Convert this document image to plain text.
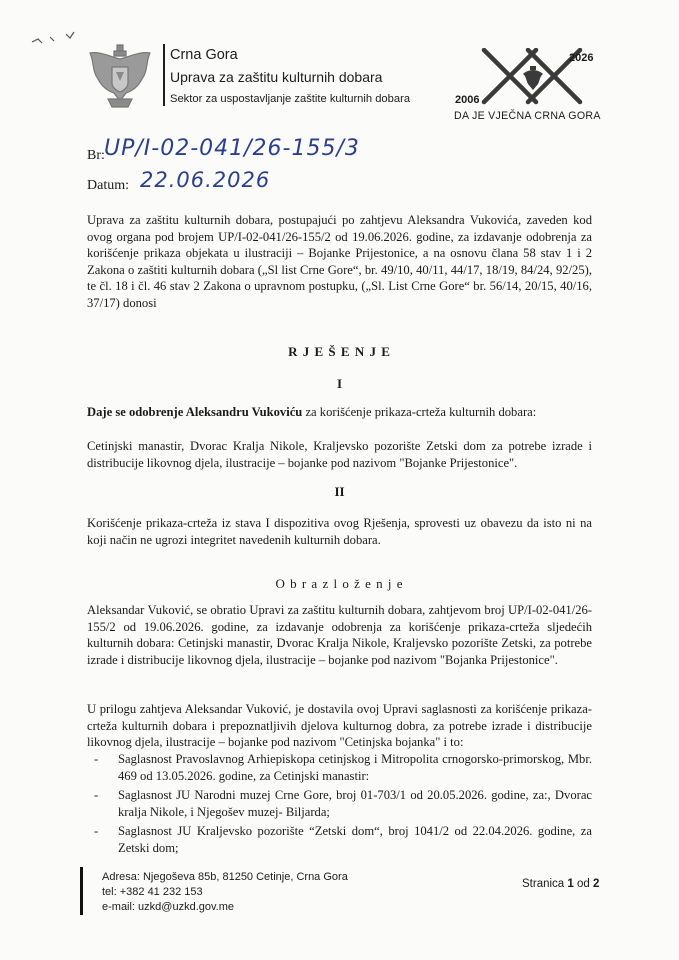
Crna Gora
Uprava za zaštitu kulturnih dobara
Sektor za uspostavljanje zaštite kulturnih dobara
2026
2006
DA JE VJEČNA CRNA GORA
Br: UP/I-02-041/26-155/3
Datum: 22.06.2026

Uprava za zaštitu kulturnih dobara, postupajući po zahtjevu Aleksandra Vukovića, zaveden kod ovog organa pod brojem UP/I-02-041/26-155/2 od 19.06.2026. godine, za izdavanje odobrenja za korišćenje prikaza objekata u ilustraciji – Bojanke Prijestonice, a na osnovu člana 58 stav 1 i 2 Zakona o zaštiti kulturnih dobara („Sl list Crne Gore“, br. 49/10, 40/11, 44/17, 18/19, 84/24, 92/25), te čl. 18 i čl. 46 stav 2 Zakona o upravnom postupku, („Sl. List Crne Gore“ br. 56/14, 20/15, 40/16, 37/17) donosi

R J E Š E N J E
I

Daje se odobrenje Aleksandru Vukoviću za korišćenje prikaza-crteža kulturnih dobara:

Cetinjski manastir, Dvorac Kralja Nikole, Kraljevsko pozorište Zetski dom za potrebe izrade i distribucije likovnog djela, ilustracije – bojanke pod nazivom "Bojanke Prijestonice".

II

Korišćenje prikaza-crteža iz stava I dispozitiva ovog Rješenja, sprovesti uz obavezu da isto ni na koji način ne ugrozi integritet navedenih kulturnih dobara.

O b r a z l o ž e n j e

Aleksandar Vuković, se obratio Upravi za zaštitu kulturnih dobara, zahtjevom broj UP/I-02-041/26-155/2 od 19.06.2026. godine, za izdavanje odobrenja za korišćenje prikaza-crteža sljedećih kulturnih dobara: Cetinjski manastir, Dvorac Kralja Nikole, Kraljevsko pozorište Zetski, za potrebe izrade i distribucije likovnog djela, ilustracije – bojanke pod nazivom "Bojanka Prijestonice".

U prilogu zahtjeva Aleksandar Vuković, je dostavila ovoj Upravi saglasnosti za korišćenje prikaza-crteža kulturnih dobara i prepoznatljivih djelova kulturnog dobra, za potrebe izrade i distribucije likovnog djela, ilustracije – bojanke pod nazivom "Cetinjska bojanka" i to:

- Saglasnost Pravoslavnog Arhiepiskopa cetinjskog i Mitropolita crnogorsko-primorskog, Mbr. 469 od 13.05.2026. godine, za Cetinjski manastir:
- Saglasnost JU Narodni muzej Crne Gore, broj 01-703/1 od 20.05.2026. godine, za:, Dvorac kralja Nikole, i Njegošev muzej- Biljarda;
- Saglasnost JU Kraljevsko pozorište “Zetski dom“, broj 1041/2 od 22.04.2026. godine, za Zetski dom;
Adresa: Njegoševa 85b, 81250 Cetinje, Crna Gora
tel: +382 41 232 153
e-mail: uzkd@uzkd.gov.me
Stranica 1 od 2
